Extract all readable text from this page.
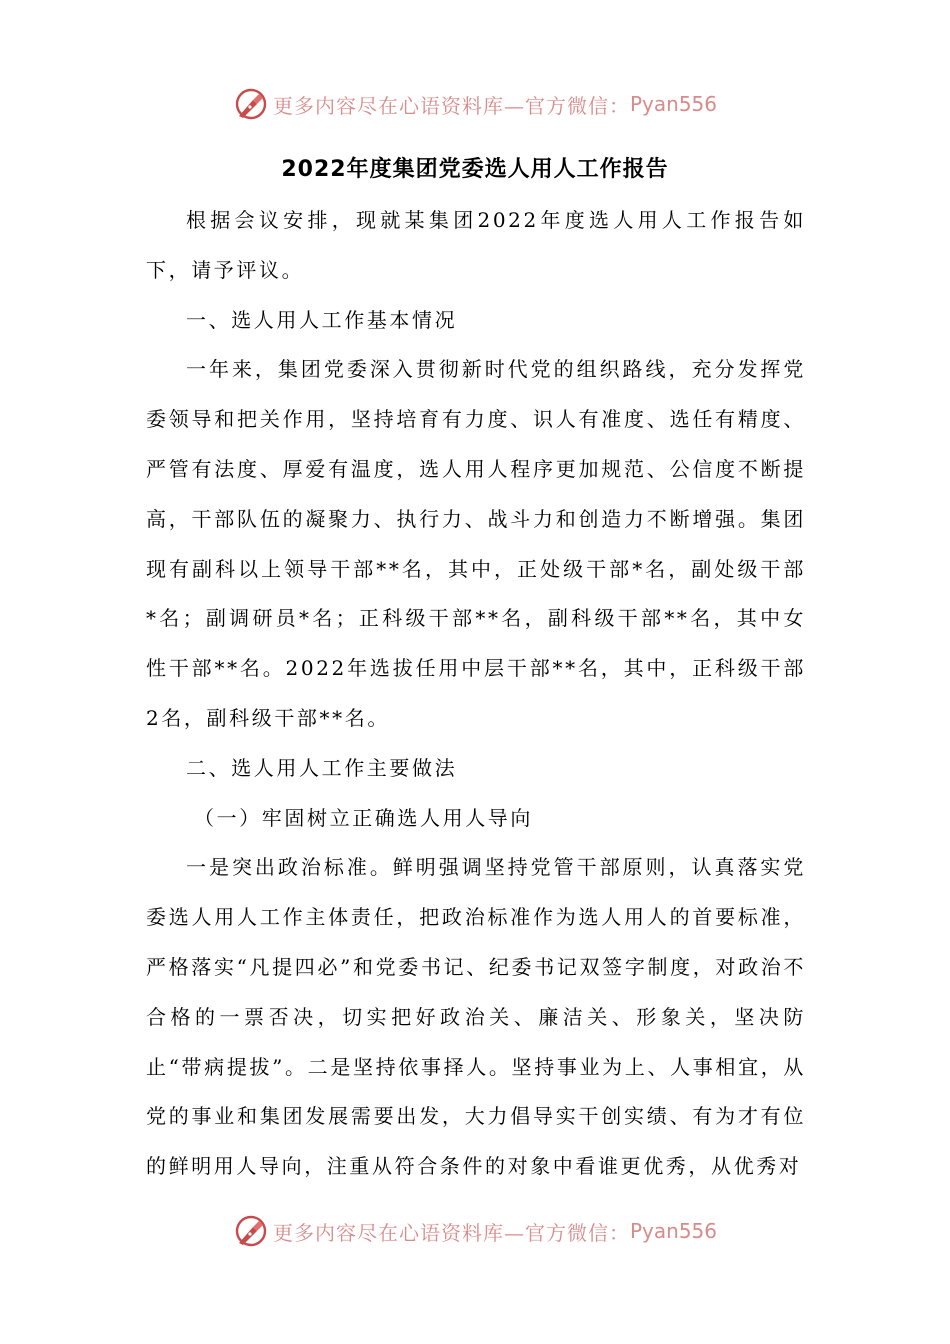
更多内容尽在心语资料库—官方微信： Pyan556
2022年度集团党委选人用人工作报告

根据会议安排，现就某集团2022年度选人用人工作报告如下，请予评议。

一、选人用人工作基本情况

一年来，集团党委深入贯彻新时代党的组织路线，充分发挥党委领导和把关作用，坚持培育有力度、识人有准度、选任有精度、严管有法度、厚爱有温度，选人用人程序更加规范、公信度不断提高，干部队伍的凝聚力、执行力、战斗力和创造力不断增强。集团现有副科以上领导干部**名，其中，正处级干部*名，副处级干部*名；副调研员*名；正科级干部**名，副科级干部**名，其中女性干部**名。2022年选拔任用中层干部**名，其中，正科级干部2名，副科级干部**名。

二、选人用人工作主要做法

（一）牢固树立正确选人用人导向

一是突出政治标准。鲜明强调坚持党管干部原则，认真落实党委选人用人工作主体责任，把政治标准作为选人用人的首要标准，严格落实“凡提四必”和党委书记、纪委书记双签字制度，对政治不合格的一票否决，切实把好政治关、廉洁关、形象关，坚决防止“带病提拔”。二是坚持依事择人。坚持事业为上、人事相宜，从党的事业和集团发展需要出发，大力倡导实干创实绩、有为才有位的鲜明用人导向，注重从符合条件的对象中看谁更优秀，从优秀对

更多内容尽在心语资料库—官方微信： Pyan556
